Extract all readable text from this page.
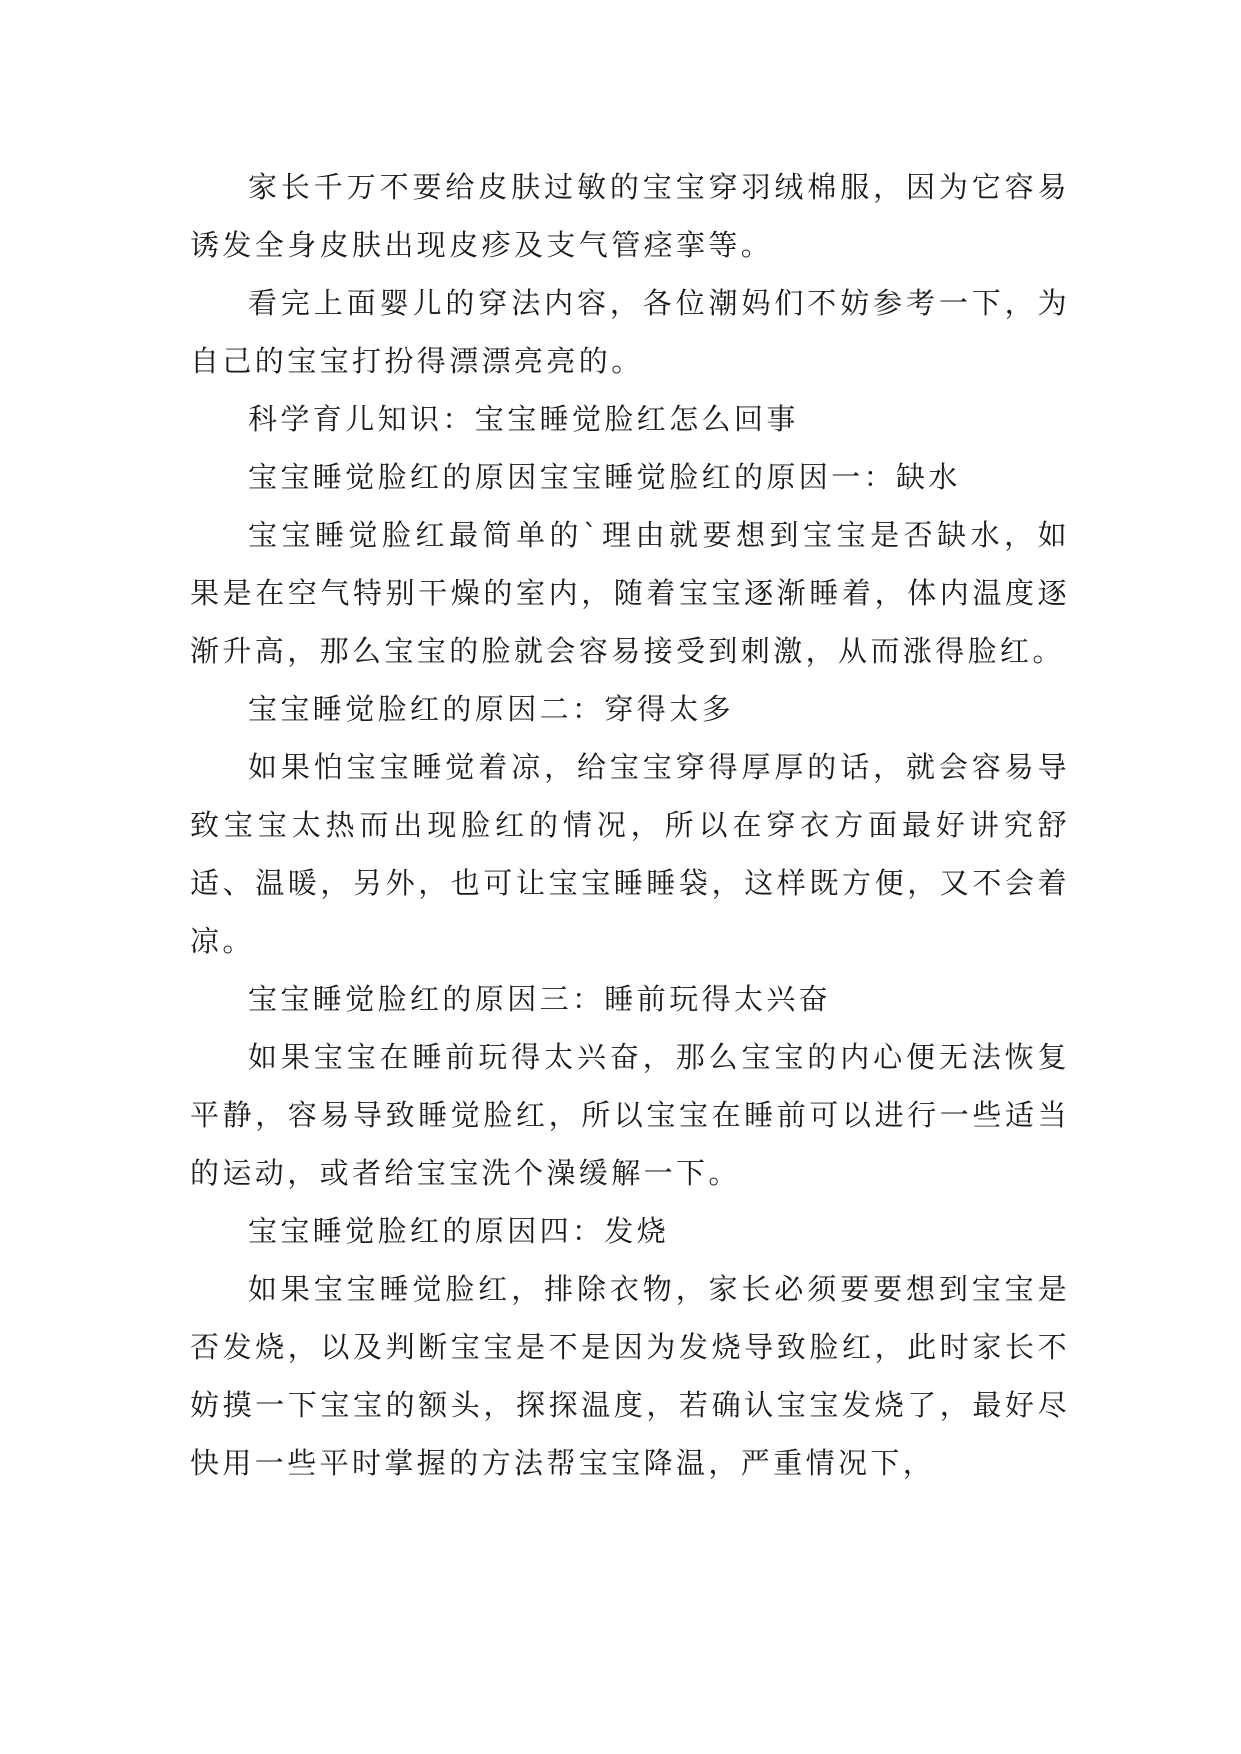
家长千万不要给皮肤过敏的宝宝穿羽绒棉服，因为它容易诱发全身皮肤出现皮疹及支气管痉挛等。

看完上面婴儿的穿法内容，各位潮妈们不妨参考一下，为自己的宝宝打扮得漂漂亮亮的。

科学育儿知识：宝宝睡觉脸红怎么回事

宝宝睡觉脸红的原因宝宝睡觉脸红的原因一：缺水

宝宝睡觉脸红最简单的`理由就要想到宝宝是否缺水，如果是在空气特别干燥的室内，随着宝宝逐渐睡着，体内温度逐渐升高，那么宝宝的脸就会容易接受到刺激，从而涨得脸红。

宝宝睡觉脸红的原因二：穿得太多

如果怕宝宝睡觉着凉，给宝宝穿得厚厚的话，就会容易导致宝宝太热而出现脸红的情况，所以在穿衣方面最好讲究舒适、温暖，另外，也可让宝宝睡睡袋，这样既方便，又不会着凉。

宝宝睡觉脸红的原因三：睡前玩得太兴奋

如果宝宝在睡前玩得太兴奋，那么宝宝的内心便无法恢复平静，容易导致睡觉脸红，所以宝宝在睡前可以进行一些适当的运动，或者给宝宝洗个澡缓解一下。

宝宝睡觉脸红的原因四：发烧

如果宝宝睡觉脸红，排除衣物，家长必须要要想到宝宝是否发烧，以及判断宝宝是不是因为发烧导致脸红，此时家长不妨摸一下宝宝的额头，探探温度，若确认宝宝发烧了，最好尽快用一些平时掌握的方法帮宝宝降温，严重情况下，
